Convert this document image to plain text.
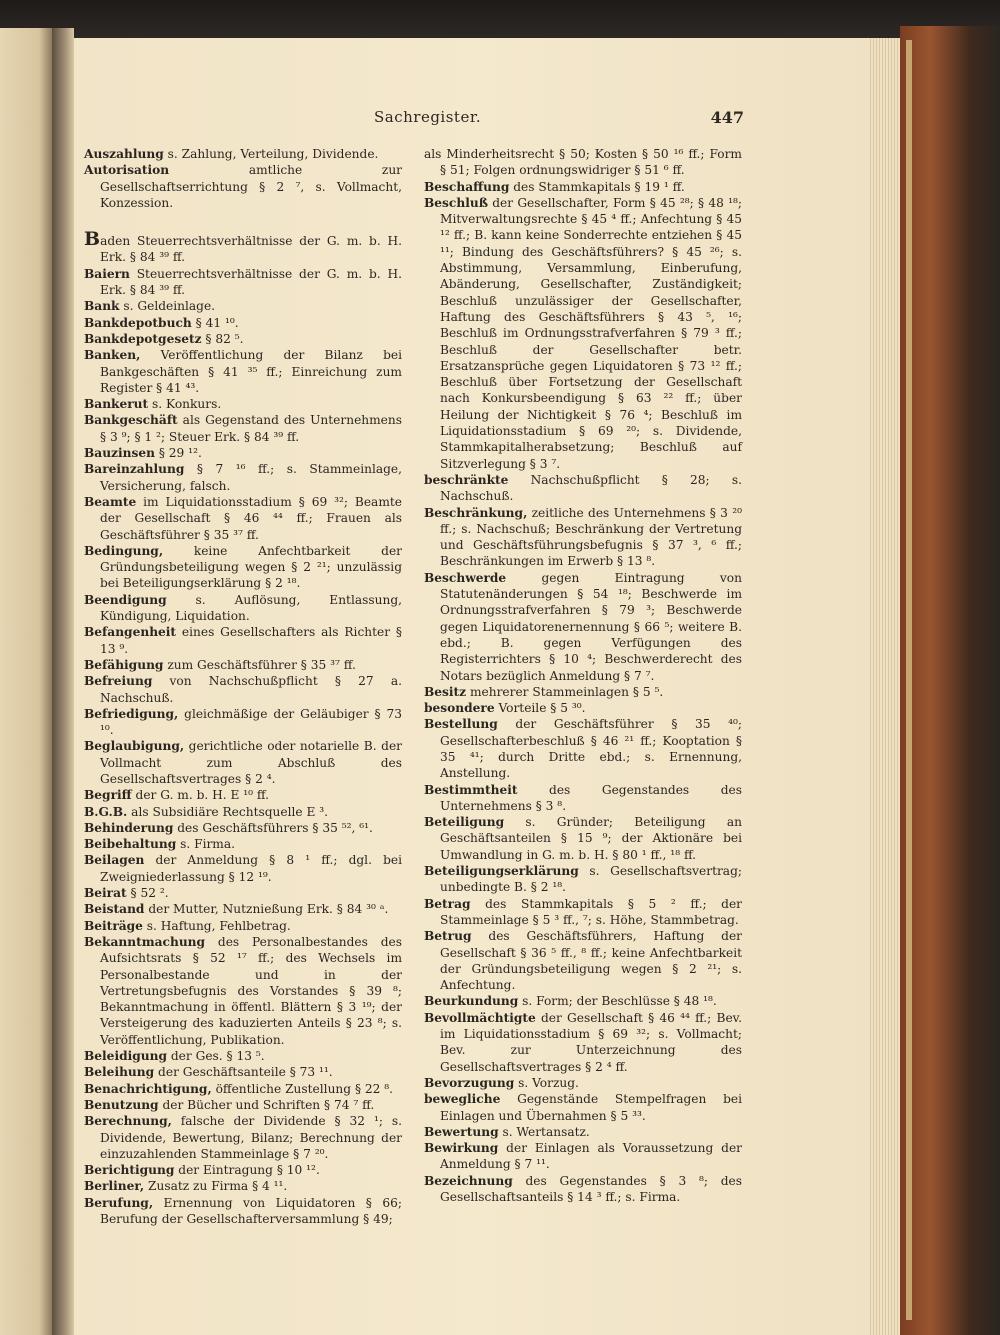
Sachregister.	447

Auszahlung s. Zahlung, Verteilung, Dividende.

Autorisation amtliche zur Gesellschaftserrichtung § 2 ⁷, s. Vollmacht, Konzession.

Baden Steuerrechtsverhältnisse der G. m. b. H. Erk. § 84 ³⁹ ff.

Baiern Steuerrechtsverhältnisse der G. m. b. H. Erk. § 84 ³⁹ ff.

Bank s. Geldeinlage.

Bankdepotbuch § 41 ¹⁰.

Bankdepotgesetz § 82 ⁵.

Banken, Veröffentlichung der Bilanz bei Bankgeschäften § 41 ³⁵ ff.; Einreichung zum Register § 41 ⁴³.

Bankerut s. Konkurs.

Bankgeschäft als Gegenstand des Unternehmens § 3 ⁹; § 1 ²; Steuer Erk. § 84 ³⁹ ff.

Bauzinsen § 29 ¹².

Bareinzahlung § 7 ¹⁶ ff.; s. Stammeinlage, Versicherung, falsch.

Beamte im Liquidationsstadium § 69 ³²; Beamte der Gesellschaft § 46 ⁴⁴ ff.; Frauen als Geschäftsführer § 35 ³⁷ ff.

Bedingung, keine Anfechtbarkeit der Gründungsbeteiligung wegen § 2 ²¹; unzulässig bei Beteiligungserklärung § 2 ¹⁸.

Beendigung s. Auflösung, Entlassung, Kündigung, Liquidation.

Befangenheit eines Gesellschafters als Richter § 13 ⁹.

Befähigung zum Geschäftsführer § 35 ³⁷ ff.

Befreiung von Nachschußpflicht § 27 a. Nachschuß.

Befriedigung, gleichmäßige der Geläubiger § 73 ¹⁰.

Beglaubigung, gerichtliche oder notarielle B. der Vollmacht zum Abschluß des Gesellschaftsvertrages § 2 ⁴.

Begriff der G. m. b. H. E ¹⁰ ff.

B.G.B. als Subsidiäre Rechtsquelle E ³.

Behinderung des Geschäftsführers § 35 ⁵², ⁶¹.

Beibehaltung s. Firma.

Beilagen der Anmeldung § 8 ¹ ff.; dgl. bei Zweigniederlassung § 12 ¹⁹.

Beirat § 52 ².

Beistand der Mutter, Nutznießung Erk. § 84 ³⁰ ᵃ.

Beiträge s. Haftung, Fehlbetrag.

Bekanntmachung des Personalbestandes des Aufsichtsrats § 52 ¹⁷ ff.; des Wechsels im Personalbestande und in der Vertretungsbefugnis des Vorstandes § 39 ⁸; Bekanntmachung in öffentl. Blättern § 3 ¹⁹; der Versteigerung des kaduzierten Anteils § 23 ⁸; s. Veröffentlichung, Publikation.

Beleidigung der Ges. § 13 ⁵.

Beleihung der Geschäftsanteile § 73 ¹¹.

Benachrichtigung, öffentliche Zustellung § 22 ⁸.

Benutzung der Bücher und Schriften § 74 ⁷ ff.

Berechnung, falsche der Dividende § 32 ¹; s. Dividende, Bewertung, Bilanz; Berechnung der einzuzahlenden Stammeinlage § 7 ²⁰.

Berichtigung der Eintragung § 10 ¹².

Berliner, Zusatz zu Firma § 4 ¹¹.

Berufung, Ernennung von Liquidatoren § 66; Berufung der Gesellschafterversammlung § 49;

als Minderheitsrecht § 50; Kosten § 50 ¹⁶ ff.; Form § 51; Folgen ordnungswidriger § 51 ⁶ ff.

Beschaffung des Stammkapitals § 19 ¹ ff.

Beschluß der Gesellschafter, Form § 45 ²⁸; § 48 ¹⁸; Mitverwaltungsrechte § 45 ⁴ ff.; Anfechtung § 45 ¹² ff.; B. kann keine Sonderrechte entziehen § 45 ¹¹; Bindung des Geschäftsführers? § 45 ²⁶; s. Abstimmung, Versammlung, Einberufung, Abänderung, Gesellschafter, Zuständigkeit; Beschluß unzulässiger der Gesellschafter, Haftung des Geschäftsführers § 43 ⁵, ¹⁶; Beschluß im Ordnungsstrafverfahren § 79 ³ ff.; Beschluß der Gesellschafter betr. Ersatzansprüche gegen Liquidatoren § 73 ¹² ff.; Beschluß über Fortsetzung der Gesellschaft nach Konkursbeendigung § 63 ²² ff.; über Heilung der Nichtigkeit § 76 ⁴; Beschluß im Liquidationsstadium § 69 ²⁰; s. Dividende, Stammkapitalherabsetzung; Beschluß auf Sitzverlegung § 3 ⁷.

beschränkte Nachschußpflicht § 28; s. Nachschuß.

Beschränkung, zeitliche des Unternehmens § 3 ²⁰ ff.; s. Nachschuß; Beschränkung der Vertretung und Geschäftsführungsbefugnis § 37 ³, ⁶ ff.; Beschränkungen im Erwerb § 13 ⁸.

Beschwerde gegen Eintragung von Statutenänderungen § 54 ¹⁸; Beschwerde im Ordnungsstrafverfahren § 79 ³; Beschwerde gegen Liquidatorenernennung § 66 ⁵; weitere B. ebd.; B. gegen Verfügungen des Registerrichters § 10 ⁴; Beschwerderecht des Notars bezüglich Anmeldung § 7 ⁷.

Besitz mehrerer Stammeinlagen § 5 ⁵.

besondere Vorteile § 5 ³⁰.

Bestellung der Geschäftsführer § 35 ⁴⁰; Gesellschafterbeschluß § 46 ²¹ ff.; Kooptation § 35 ⁴¹; durch Dritte ebd.; s. Ernennung, Anstellung.

Bestimmtheit des Gegenstandes des Unternehmens § 3 ⁸.

Beteiligung s. Gründer; Beteiligung an Geschäftsanteilen § 15 ⁹; der Aktionäre bei Umwandlung in G. m. b. H. § 80 ¹ ff., ¹⁸ ff.

Beteiligungserklärung s. Gesellschaftsvertrag; unbedingte B. § 2 ¹⁸.

Betrag des Stammkapitals § 5 ² ff.; der Stammeinlage § 5 ³ ff., ⁷; s. Höhe, Stammbetrag.

Betrug des Geschäftsführers, Haftung der Gesellschaft § 36 ⁵ ff., ⁸ ff.; keine Anfechtbarkeit der Gründungsbeteiligung wegen § 2 ²¹; s. Anfechtung.

Beurkundung s. Form; der Beschlüsse § 48 ¹⁸.

Bevollmächtigte der Gesellschaft § 46 ⁴⁴ ff.; Bev. im Liquidationsstadium § 69 ³²; s. Vollmacht; Bev. zur Unterzeichnung des Gesellschaftsvertrages § 2 ⁴ ff.

Bevorzugung s. Vorzug.

bewegliche Gegenstände Stempelfragen bei Einlagen und Übernahmen § 5 ³³.

Bewertung s. Wertansatz.

Bewirkung der Einlagen als Voraussetzung der Anmeldung § 7 ¹¹.

Bezeichnung des Gegenstandes § 3 ⁸; des Gesellschaftsanteils § 14 ³ ff.; s. Firma.
